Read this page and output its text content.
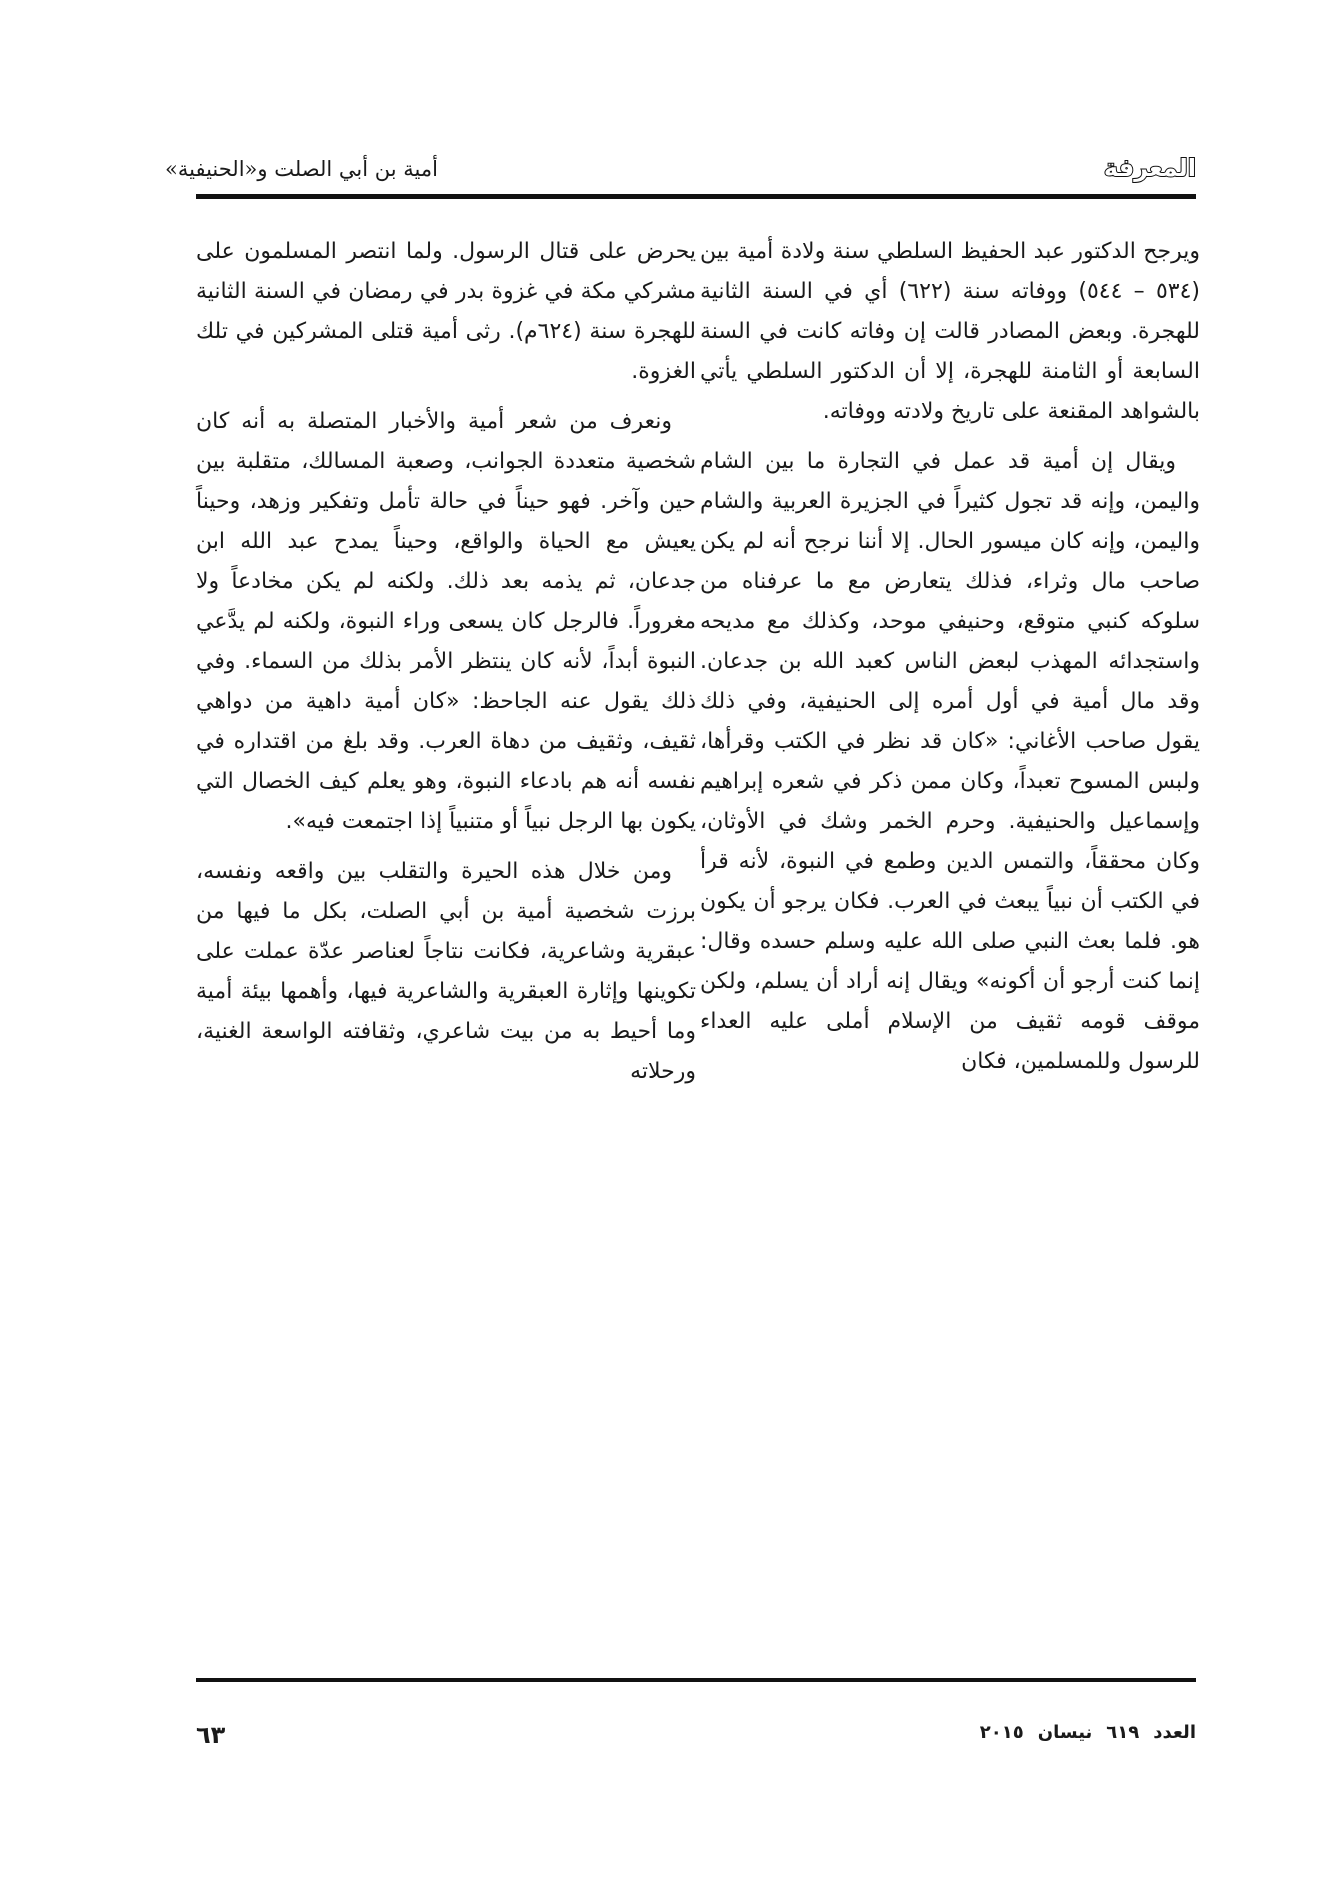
المعرفة
أمية بن أبي الصلت و«الحنيفية»

ويرجح الدكتور عبد الحفيظ السلطي سنة ولادة أمية بين (٥٣٤ – ٥٤٤) ووفاته سنة (٦٢٢) أي في السنة الثانية للهجرة. وبعض المصادر قالت إن وفاته كانت في السنة السابعة أو الثامنة للهجرة، إلا أن الدكتور السلطي يأتي بالشواهد المقنعة على تاريخ ولادته ووفاته.

ويقال إن أمية قد عمل في التجارة ما بين الشام واليمن، وإنه قد تجول كثيراً في الجزيرة العربية والشام واليمن، وإنه كان ميسور الحال. إلا أننا نرجح أنه لم يكن صاحب مال وثراء، فذلك يتعارض مع ما عرفناه من سلوكه كنبي متوقع، وحنيفي موحد، وكذلك مع مديحه واستجدائه المهذب لبعض الناس كعبد الله بن جدعان. وقد مال أمية في أول أمره إلى الحنيفية، وفي ذلك يقول صاحب الأغاني: «كان قد نظر في الكتب وقرأها، ولبس المسوح تعبداً، وكان ممن ذكر في شعره إبراهيم وإسماعيل والحنيفية. وحرم الخمر وشك في الأوثان، وكان محققاً، والتمس الدين وطمع في النبوة، لأنه قرأ في الكتب أن نبياً يبعث في العرب. فكان يرجو أن يكون هو. فلما بعث النبي صلى الله عليه وسلم حسده وقال: إنما كنت أرجو أن أكونه» ويقال إنه أراد أن يسلم، ولكن موقف قومه ثقيف من الإسلام أملى عليه العداء للرسول وللمسلمين، فكان

يحرض على قتال الرسول. ولما انتصر المسلمون على مشركي مكة في غزوة بدر في رمضان في السنة الثانية للهجرة سنة (٦٢٤م). رثى أمية قتلى المشركين في تلك الغزوة.

ونعرف من شعر أمية والأخبار المتصلة به أنه كان شخصية متعددة الجوانب، وصعبة المسالك، متقلبة بين حين وآخر. فهو حيناً في حالة تأمل وتفكير وزهد، وحيناً يعيش مع الحياة والواقع، وحيناً يمدح عبد الله ابن جدعان، ثم يذمه بعد ذلك. ولكنه لم يكن مخادعاً ولا مغروراً. فالرجل كان يسعى وراء النبوة، ولكنه لم يدَّعي النبوة أبداً، لأنه كان ينتظر الأمر بذلك من السماء. وفي ذلك يقول عنه الجاحظ: «كان أمية داهية من دواهي ثقيف، وثقيف من دهاة العرب. وقد بلغ من اقتداره في نفسه أنه هم بادعاء النبوة، وهو يعلم كيف الخصال التي يكون بها الرجل نبياً أو متنبياً إذا اجتمعت فيه».

ومن خلال هذه الحيرة والتقلب بين واقعه ونفسه، برزت شخصية أمية بن أبي الصلت، بكل ما فيها من عبقرية وشاعرية، فكانت نتاجاً لعناصر عدّة عملت على تكوينها وإثارة العبقرية والشاعرية فيها، وأهمها بيئة أمية وما أحيط به من بيت شاعري، وثقافته الواسعة الغنية، ورحلاته

العدد٦١٩نيسان٢٠١٥
٦٣
